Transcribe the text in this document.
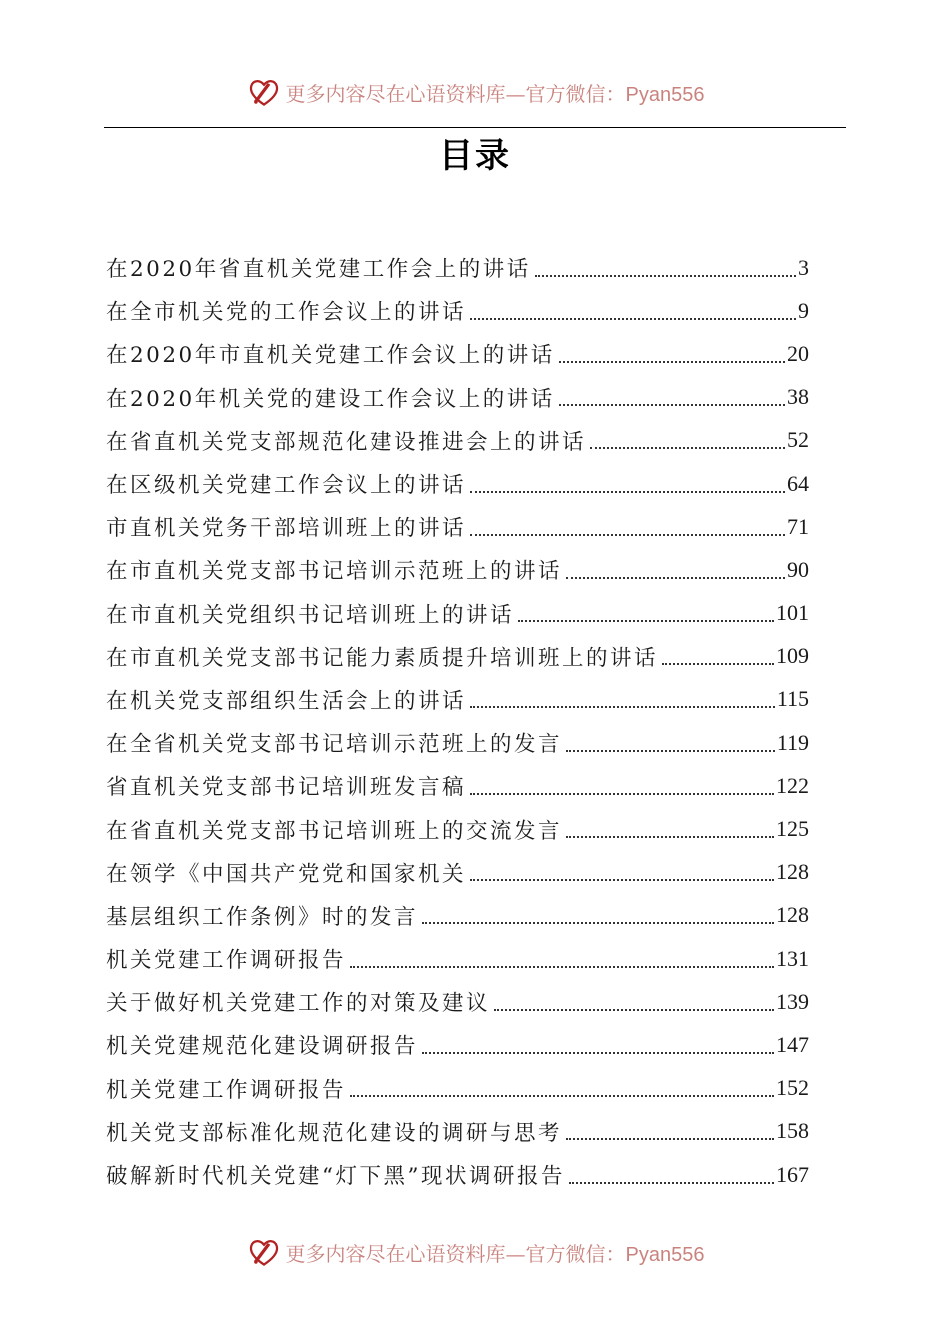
更多内容尽在心语资料库—官方微信：Pyan556
目录
在2020年省直机关党建工作会上的讲话	3
在全市机关党的工作会议上的讲话	9
在2020年市直机关党建工作会议上的讲话	20
在2020年机关党的建设工作会议上的讲话	38
在省直机关党支部规范化建设推进会上的讲话	52
在区级机关党建工作会议上的讲话	64
市直机关党务干部培训班上的讲话	71
在市直机关党支部书记培训示范班上的讲话	90
在市直机关党组织书记培训班上的讲话	101
在市直机关党支部书记能力素质提升培训班上的讲话	109
在机关党支部组织生活会上的讲话	115
在全省机关党支部书记培训示范班上的发言	119
省直机关党支部书记培训班发言稿	122
在省直机关党支部书记培训班上的交流发言	125
在领学《中国共产党党和国家机关	128
基层组织工作条例》时的发言	128
机关党建工作调研报告	131
关于做好机关党建工作的对策及建议	139
机关党建规范化建设调研报告	147
机关党建工作调研报告	152
机关党支部标准化规范化建设的调研与思考	158
破解新时代机关党建“灯下黑”现状调研报告	167
更多内容尽在心语资料库—官方微信：Pyan556
